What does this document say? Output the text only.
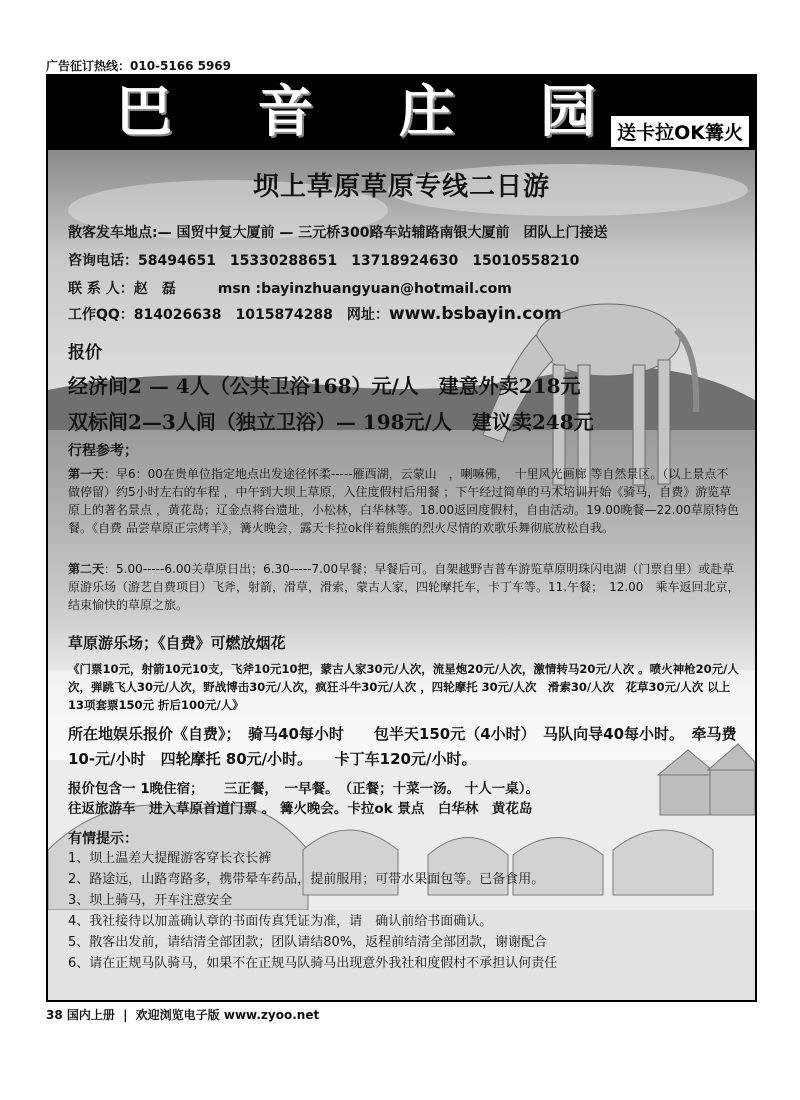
广告征订热线：010-5166 5969
巴 音 庄 园	送卡拉OK篝火
坝上草原草原专线二日游
散客发车地点:— 国贸中复大厦前 — 三元桥300路车站辅路南银大厦前　团队上门接送
咨询电话：58494651　15330288651　13718924630　15010558210
联 系 人：赵　磊　　　msn :bayinzhuangyuan@hotmail.com
工作QQ：814026638　1015874288　网址：www.bsbayin.com
报价
经济间2 — 4人（公共卫浴168）元/人　建意外卖218元
双标间2—3人间（独立卫浴）— 198元/人　建议卖248元
行程参考；
第一天：早6：00在贵单位指定地点出发途径怀柔-----雁西湖，云蒙山　，喇嘛佛，　十里风光画廊 等自然景区。（以上景点不做停留）约5小时左右的车程 ，中午到大坝上草原，入住度假村后用餐 ；下午经过简单的马术培训开始《骑马，自费》游览草原上的著名景点 ，黄花岛；辽金点将台遗址，小松林，白华林等。18.00返回度假村，自由活动。19.00晚餐—22.00草原特色餐。《自费 品尝草原正宗烤羊》，篝火晚会，露天卡拉ok伴着熊熊的烈火尽情的欢歌乐舞彻底放松自我。
第二天：5.00-----6.00关草原日出；6.30-----7.00早餐；早餐后可。自架越野吉普车游览草原明珠闪电湖（门票自里）或赴草原游乐场（游艺自费项目）飞斧，射箭，滑草，滑索，蒙古人家，四轮摩托车，卡丁车等。11.午餐；　12.00　乘车返回北京，结束愉快的草原之旅。
草原游乐场；《自费》可燃放烟花
《门票10元，射箭10元10支，飞斧10元10把，蒙古人家30元/人次，流星炮20元/人次，激情转马20元/人次 。喷火神枪20元/人次，弹跳飞人30元/人次，野战博击30元/人次，疯狂斗牛30元/人次 ，四轮摩托 30元/人次　滑索30/人次　花草30元/人次 以上13项套票150元 折后100元/人》
所在地娱乐报价《自费》；　骑马40每小时　　包半天150元（4小时）　马队向导40每小时。　牵马费10-元/小时　四轮摩托 80元/小时。　　卡丁车120元/小时。
报价包含一 1晚住宿；　　三正餐，　一早餐。　（正餐；十菜一汤。 十人一桌）。
往返旅游车　进入草原首道门票 。 篝火晚会。卡拉ok 景点　白华林　黄花岛
有情提示：
1、坝上温差大提醒游客穿长衣长裤
2、路途远，山路弯路多，携带晕车药品，提前服用；可带水果面包等。已备食用。
3、坝上骑马，开车注意安全
4、我社接待以加盖确认章的书面传真凭证为准，请　确认前给书面确认。
5、散客出发前，请结清全部团款；团队请结80%，返程前结清全部团款，谢谢配合
6、请在正规马队骑马，如果不在正规马队骑马出现意外我社和度假村不承担认何责任
38 国内上册 | 欢迎浏览电子版 www.zyoo.net
